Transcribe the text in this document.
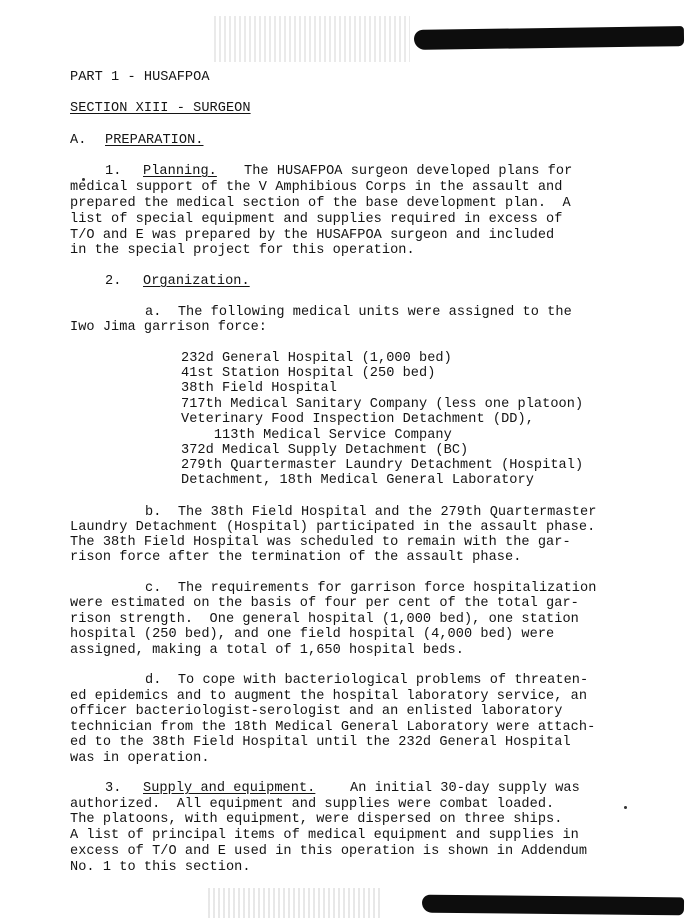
PART 1 - HUSAFPOA
SECTION XIII - SURGEON
A. PREPARATION.
1. Planning. The HUSAFPOA surgeon developed plans for
medical support of the V Amphibious Corps in the assault and
prepared the medical section of the base development plan.  A
list of special equipment and supplies required in excess of
T/O and E was prepared by the HUSAFPOA surgeon and included
in the special project for this operation.
2. Organization.
a.  The following medical units were assigned to the
Iwo Jima garrison force:
232d General Hospital (1,000 bed)
41st Station Hospital (250 bed)
38th Field Hospital
717th Medical Sanitary Company (less one platoon)
Veterinary Food Inspection Detachment (DD),
113th Medical Service Company
372d Medical Supply Detachment (BC)
279th Quartermaster Laundry Detachment (Hospital)
Detachment, 18th Medical General Laboratory
b.  The 38th Field Hospital and the 279th Quartermaster
Laundry Detachment (Hospital) participated in the assault phase.
The 38th Field Hospital was scheduled to remain with the gar-
rison force after the termination of the assault phase.
c.  The requirements for garrison force hospitalization
were estimated on the basis of four per cent of the total gar-
rison strength.  One general hospital (1,000 bed), one station
hospital (250 bed), and one field hospital (4,000 bed) were
assigned, making a total of 1,650 hospital beds.
d.  To cope with bacteriological problems of threaten-
ed epidemics and to augment the hospital laboratory service, an
officer bacteriologist-serologist and an enlisted laboratory
technician from the 18th Medical General Laboratory were attach-
ed to the 38th Field Hospital until the 232d General Hospital
was in operation.
3. Supply and equipment.	An initial 30-day supply was
authorized.  All equipment and supplies were combat loaded.
The platoons, with equipment, were dispersed on three ships.
A list of principal items of medical equipment and supplies in
excess of T/O and E used in this operation is shown in Addendum
No. 1 to this section.
